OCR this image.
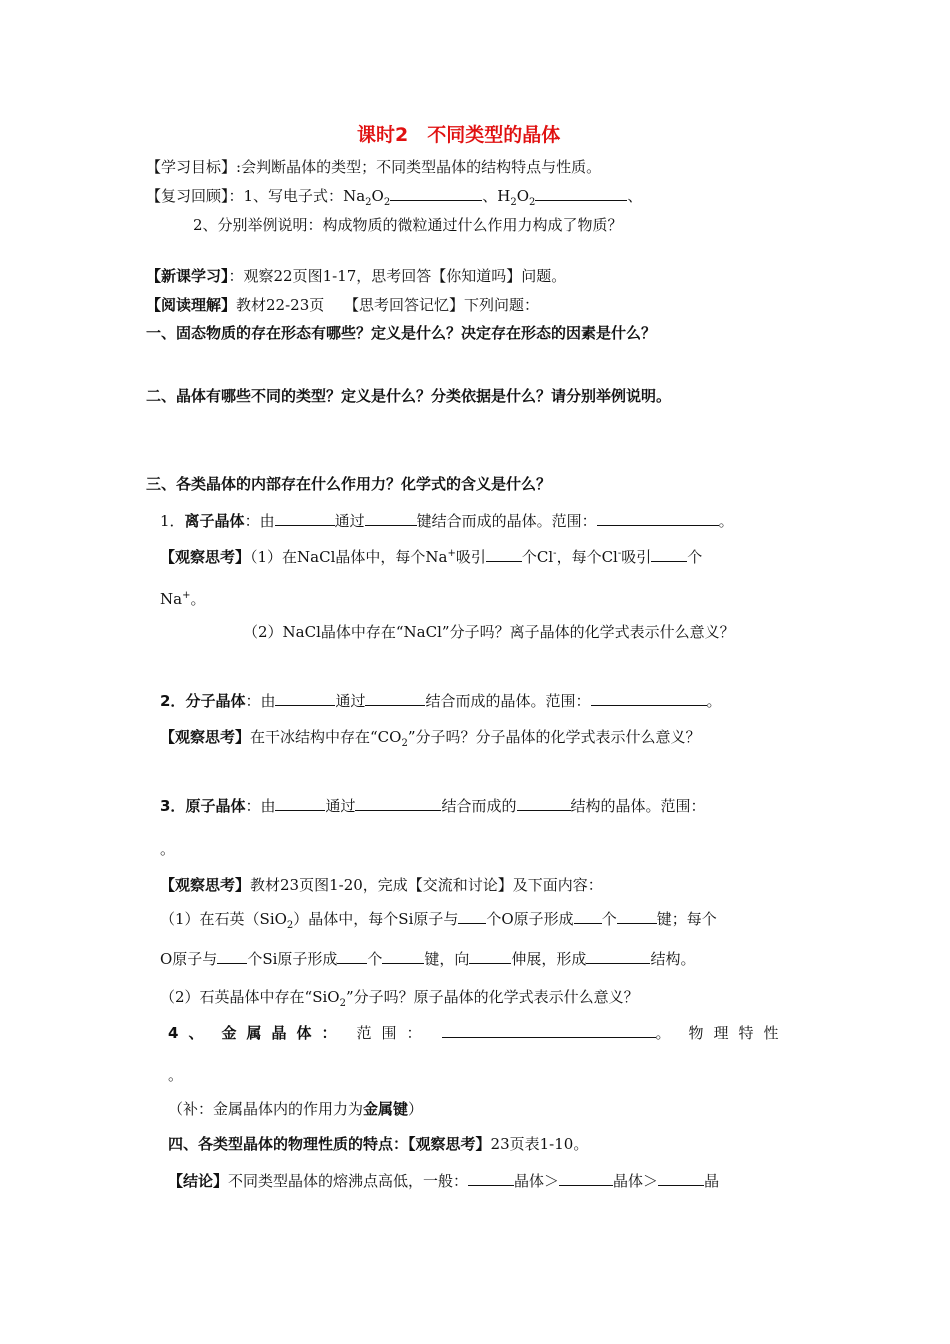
课时2　不同类型的晶体
【学习目标】:会判断晶体的类型；不同类型晶体的结构特点与性质。
【复习回顾】：1、写电子式：$Na_2O_2$	、$H_2O_2$	、
2、分别举例说明：构成物质的微粒通过什么作用力构成了物质？
【新课学习】：观察22页图1-17，思考回答【你知道吗】问题。
【阅读理解】教材22-23页　 【思考回答记忆】下列问题：
一、固态物质的存在形态有哪些？定义是什么？决定存在形态的因素是什么？
二、晶体有哪些不同的类型？定义是什么？分类依据是什么？请分别举例说明。
三、各类晶体的内部存在什么作用力？化学式的含义是什么？
1．离子晶体：由	通过	键结合而成的晶体。范围：	。
【观察思考】（1）在NaCl晶体中，每个Na+吸引 个Cl-，每个Cl-吸引 个
Na+。
（2）NaCl晶体中存在“NaCl”分子吗？离子晶体的化学式表示什么意义？
2．分子晶体：由	通过	结合而成的晶体。范围：	。
【观察思考】在干冰结构中存在“$CO_2$”分子吗？分子晶体的化学式表示什么意义？
3．原子晶体：由	通过	结合而成的	结构的晶体。范围：
。
【观察思考】教材23页图1-20，完成【交流和讨论】及下面内容：
（1）在石英（SiO$_2$）晶体中，每个Si原子与 个O原子形成 个	键；每个
O原子与 个Si原子形成 个	键，向	伸展，形成	结构。
（2）石英晶体中存在“SiO$_2$”分子吗？原子晶体的化学式表示什么意义？
4 、 金属晶体： 范围：	。 物理特性
。
（补：金属晶体内的作用力为金属键）
四、各类型晶体的物理性质的特点：【观察思考】23页表1-10。
【结论】不同类型晶体的熔沸点高低，一般：	晶体＞	晶体＞	晶
